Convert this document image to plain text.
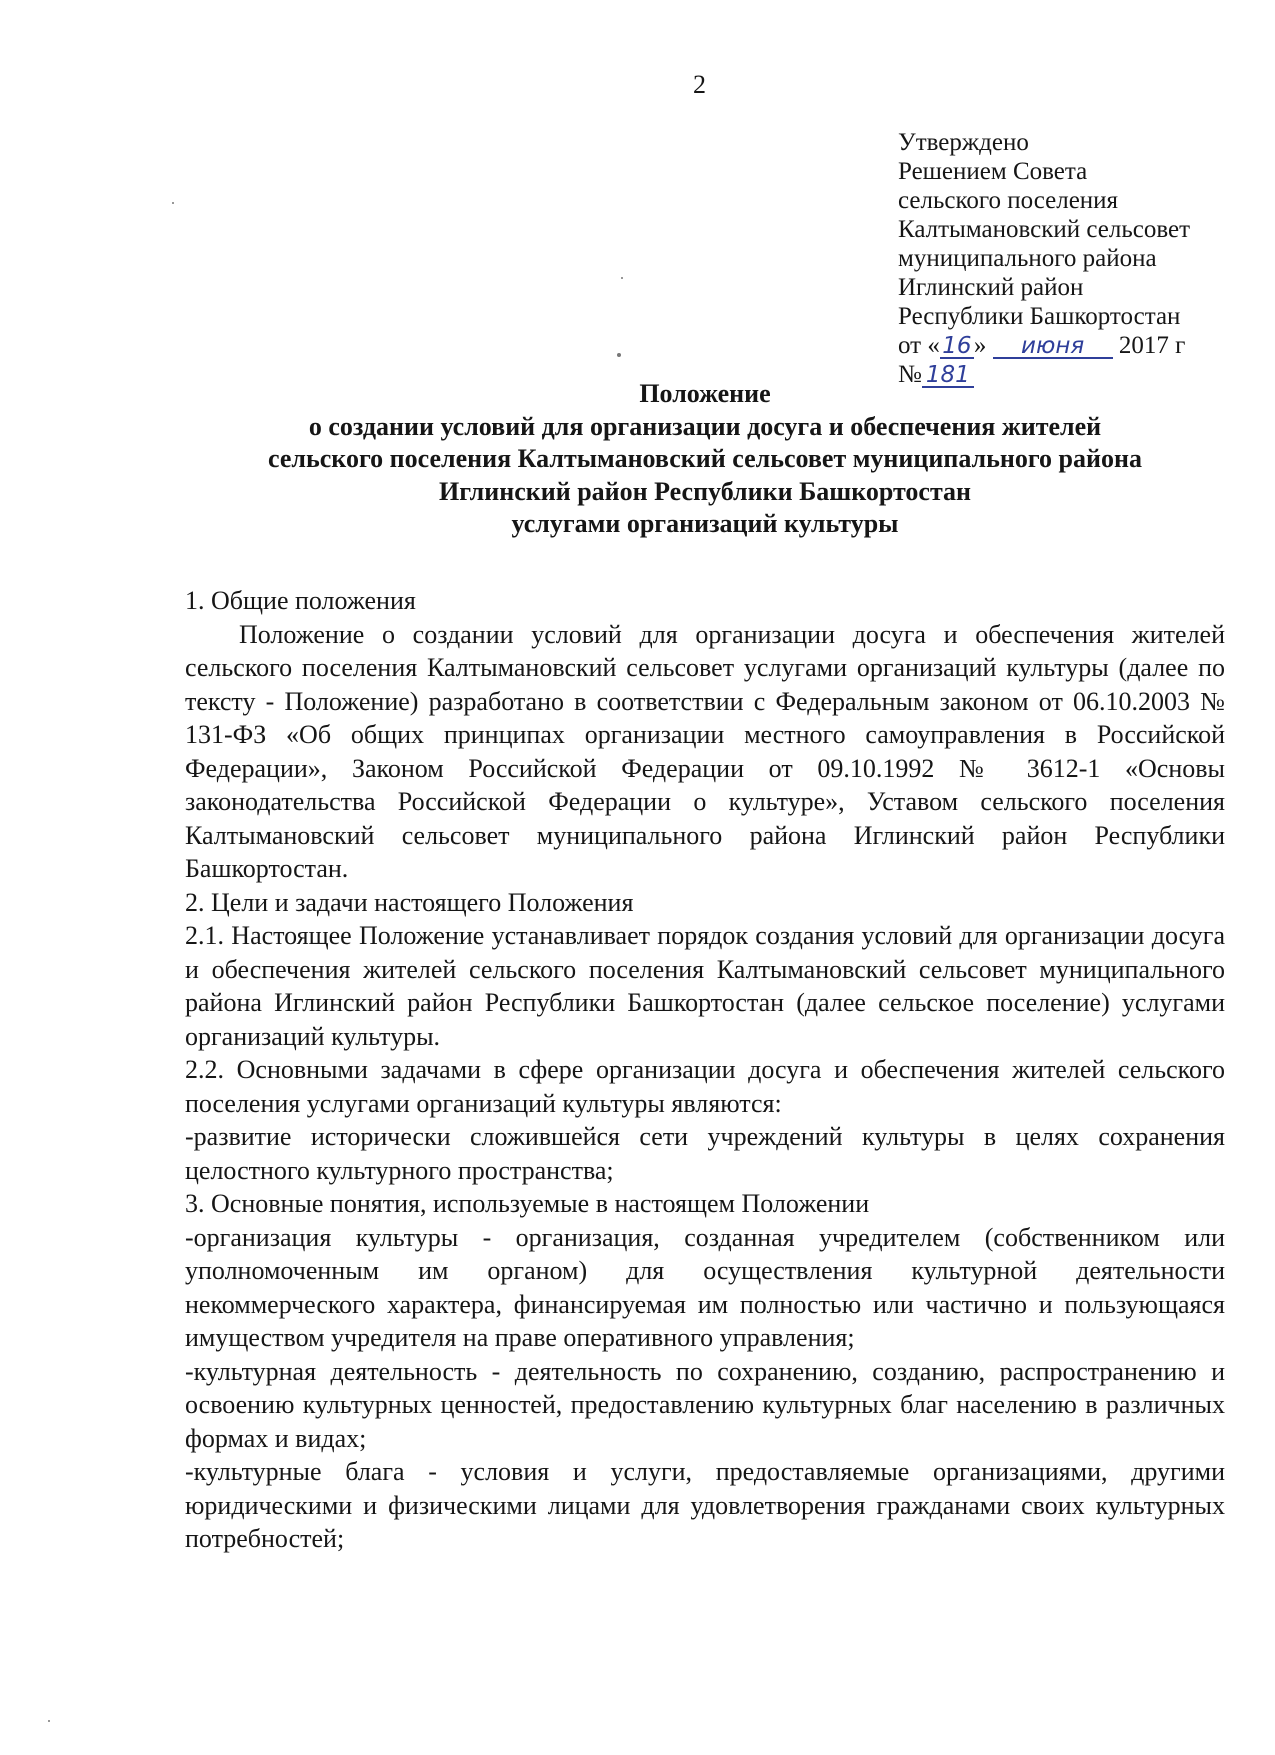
2
Утверждено
Решением Совета
сельского поселения
Калтымановский сельсовет
муниципального района
Иглинский район
Республики Башкортостан
от « 16» июня 2017 г
№ 181
Положение
о создании условий для организации досуга и обеспечения жителей
сельского поселения Калтымановский сельсовет муниципального района
Иглинский район Республики Башкортостан
услугами организаций культуры

1. Общие положения

Положение о создании условий для организации досуга и обеспечения жителей сельского поселения Калтымановский сельсовет услугами организаций культуры (далее по тексту - Положение) разработано в соответствии с Федеральным законом от 06.10.2003 № 131-ФЗ «Об общих принципах организации местного самоуправления в Российской Федерации», Законом Российской Федерации от 09.10.1992 № 3612-1 «Основы законодательства Российской Федерации о культуре», Уставом сельского поселения Калтымановский сельсовет муниципального района Иглинский район Республики Башкортостан.

2. Цели и задачи настоящего Положения

2.1. Настоящее Положение устанавливает порядок создания условий для организации досуга и обеспечения жителей сельского поселения Калтымановский сельсовет муниципального района Иглинский район Республики Башкортостан (далее сельское поселение) услугами организаций культуры.

2.2. Основными задачами в сфере организации досуга и обеспечения жителей сельского поселения услугами организаций культуры являются:

-развитие исторически сложившейся сети учреждений культуры в целях сохранения целостного культурного пространства;

3. Основные понятия, используемые в настоящем Положении

-организация культуры - организация, созданная учредителем (собственником или уполномоченным им органом) для осуществления культурной деятельности некоммерческого характера, финансируемая им полностью или частично и пользующаяся имуществом учредителя на праве оперативного управления;

-культурная деятельность - деятельность по сохранению, созданию, распространению и освоению культурных ценностей, предоставлению культурных благ населению в различных формах и видах;

-культурные блага - условия и услуги, предоставляемые организациями, другими юридическими и физическими лицами для удовлетворения гражданами своих культурных потребностей;
